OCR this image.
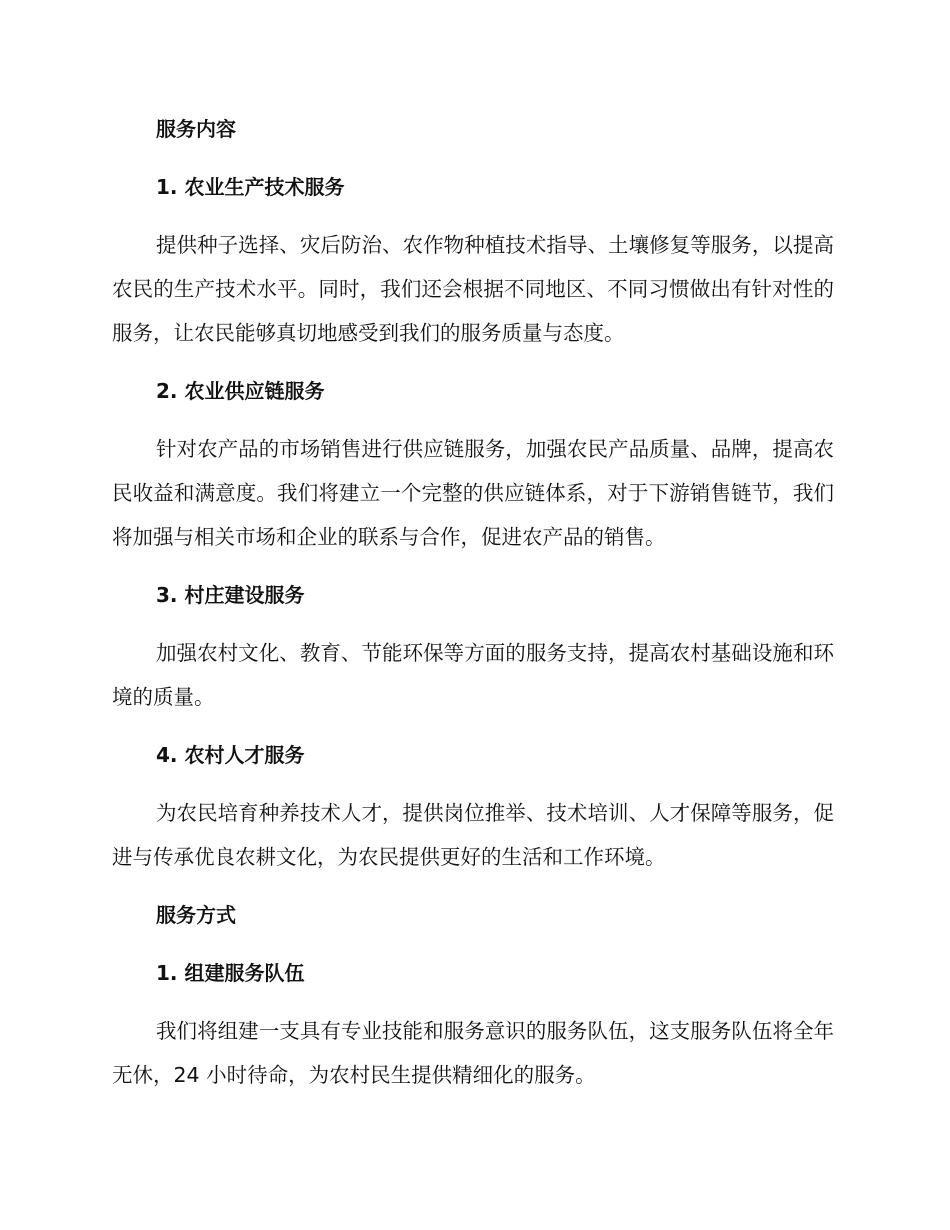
服务内容
1. 农业生产技术服务

提供种子选择、灾后防治、农作物种植技术指导、土壤修复等服务，以提高农民的生产技术水平。同时，我们还会根据不同地区、不同习惯做出有针对性的服务，让农民能够真切地感受到我们的服务质量与态度。

2. 农业供应链服务

针对农产品的市场销售进行供应链服务，加强农民产品质量、品牌，提高农民收益和满意度。我们将建立一个完整的供应链体系，对于下游销售链节，我们将加强与相关市场和企业的联系与合作，促进农产品的销售。

3. 村庄建设服务

加强农村文化、教育、节能环保等方面的服务支持，提高农村基础设施和环境的质量。

4. 农村人才服务

为农民培育种养技术人才，提供岗位推举、技术培训、人才保障等服务，促进与传承优良农耕文化，为农民提供更好的生活和工作环境。

服务方式
1. 组建服务队伍

我们将组建一支具有专业技能和服务意识的服务队伍，这支服务队伍将全年无休，24 小时待命，为农村民生提供精细化的服务。
